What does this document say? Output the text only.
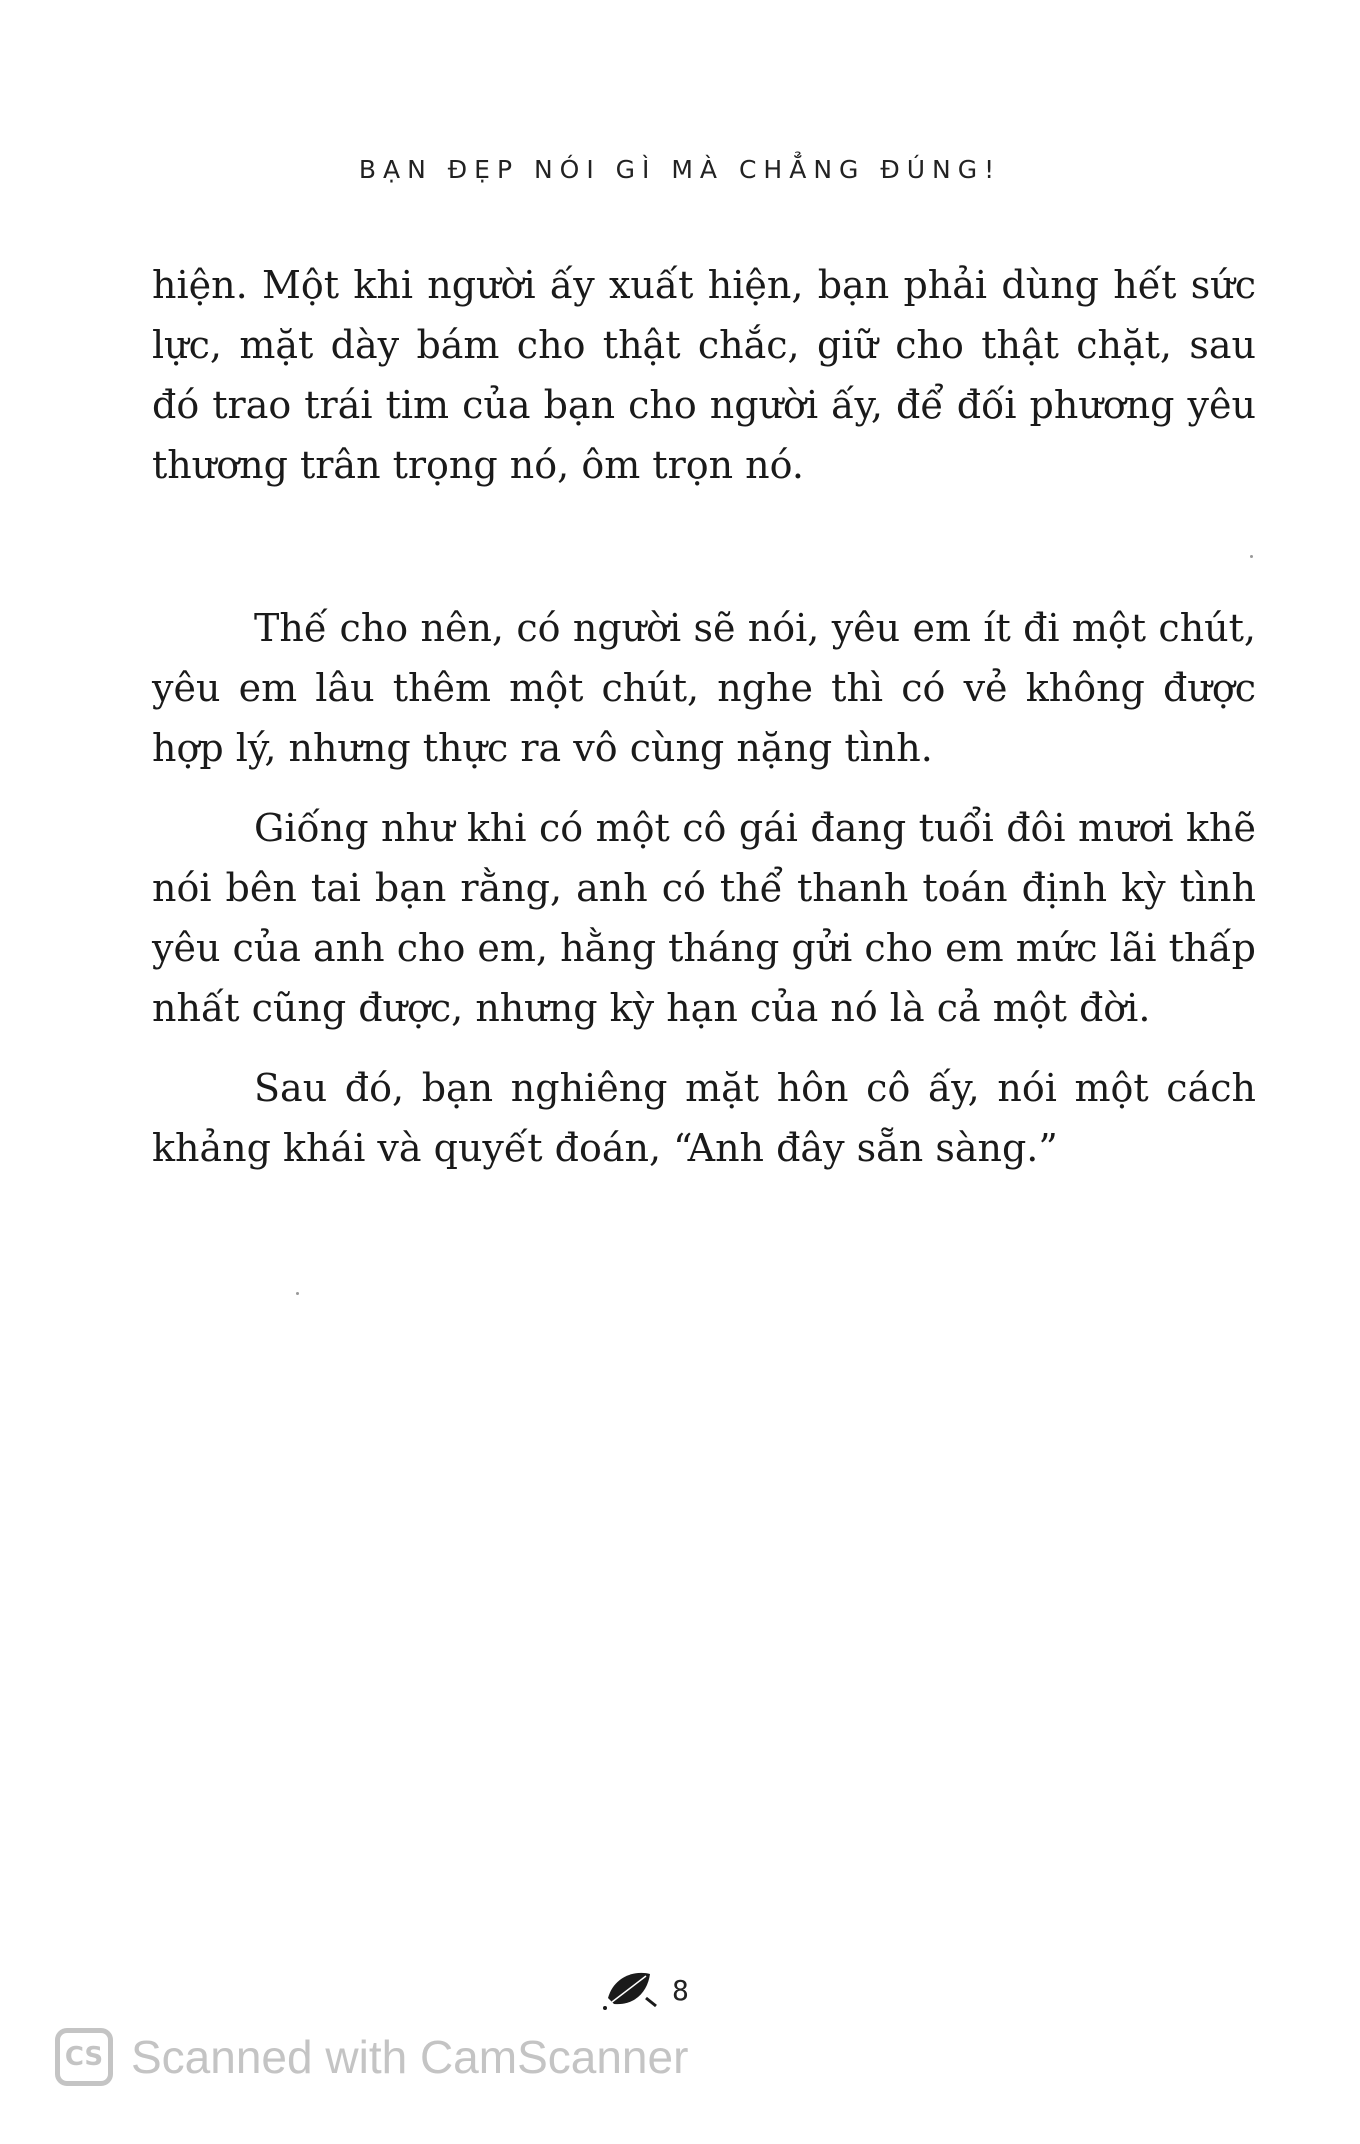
BẠN ĐẸP NÓI GÌ MÀ CHẲNG ĐÚNG!

hiện. Một khi người ấy xuất hiện, bạn phải dùng hết sức lực, mặt dày bám cho thật chắc, giữ cho thật chặt, sau đó trao trái tim của bạn cho người ấy, để đối phương yêu thương trân trọng nó, ôm trọn nó.

Thế cho nên, có người sẽ nói, yêu em ít đi một chút, yêu em lâu thêm một chút, nghe thì có vẻ không được hợp lý, nhưng thực ra vô cùng nặng tình.

Giống như khi có một cô gái đang tuổi đôi mươi khẽ nói bên tai bạn rằng, anh có thể thanh toán định kỳ tình yêu của anh cho em, hằng tháng gửi cho em mức lãi thấp nhất cũng được, nhưng kỳ hạn của nó là cả một đời.

Sau đó, bạn nghiêng mặt hôn cô ấy, nói một cách khảng khái và quyết đoán, “Anh đây sẵn sàng.”

8
CS Scanned with CamScanner
